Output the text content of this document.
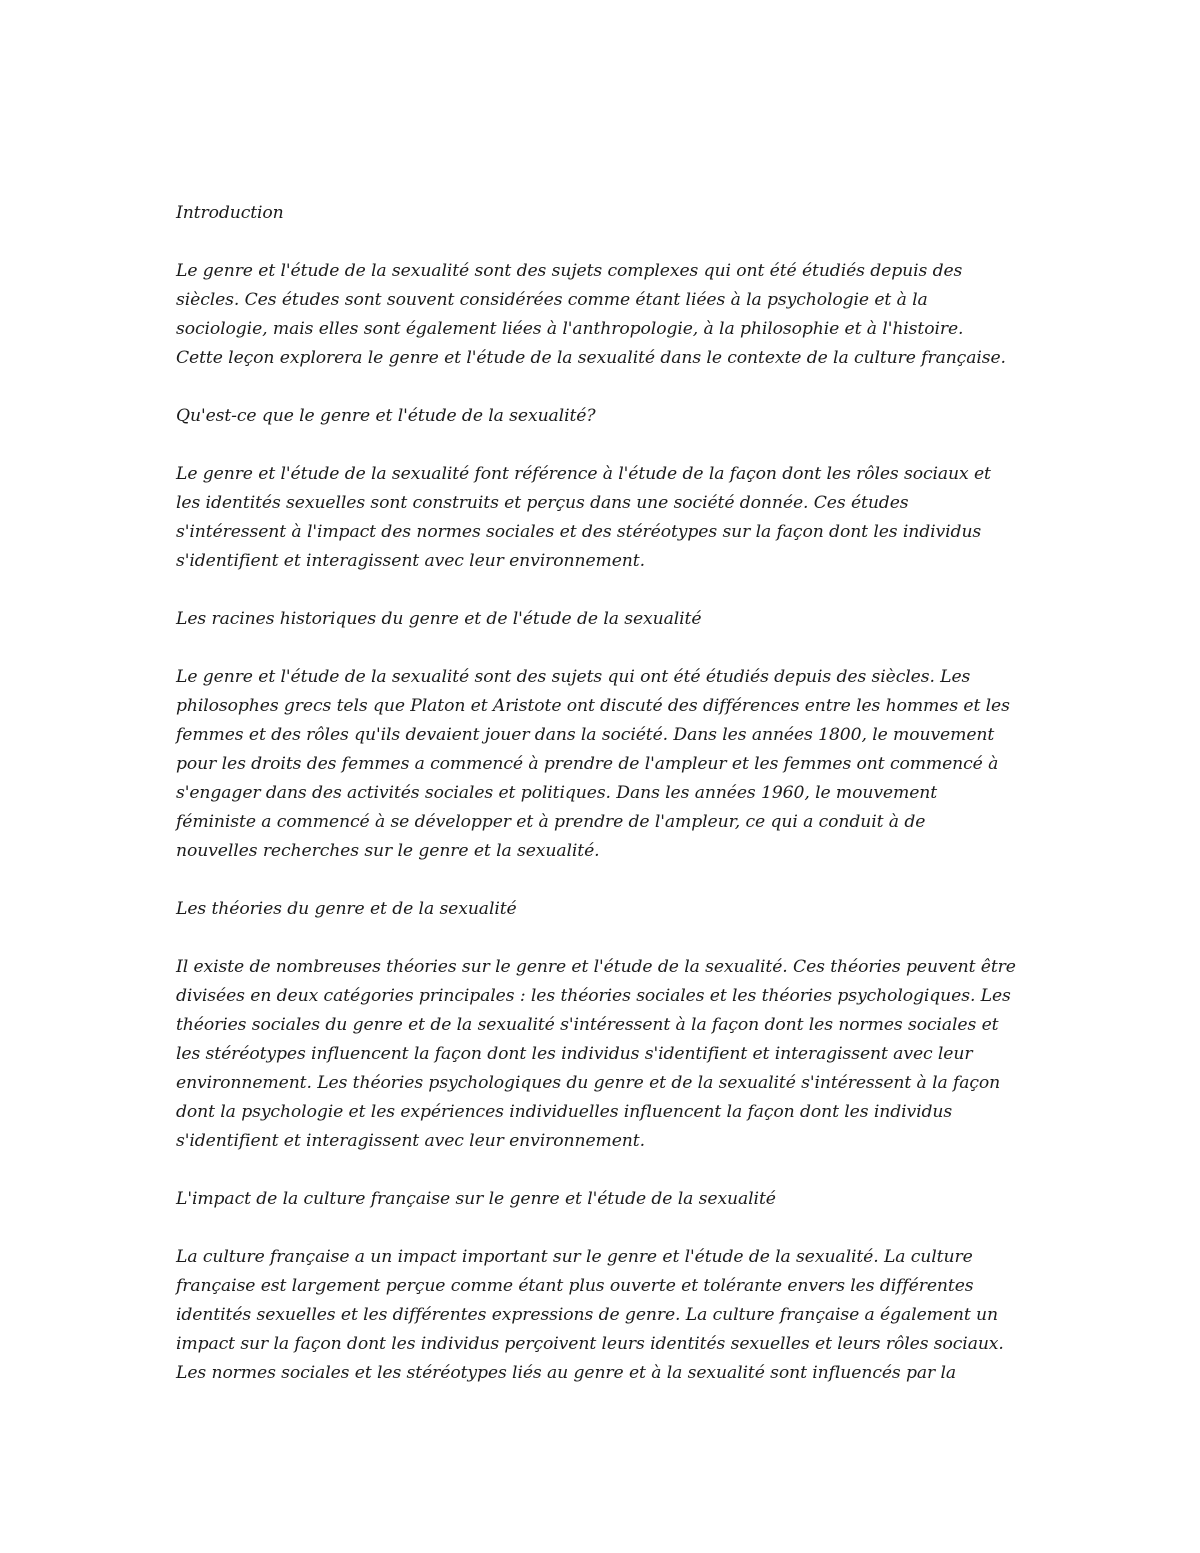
Introduction

Le genre et l'étude de la sexualité sont des sujets complexes qui ont été étudiés depuis des
siècles. Ces études sont souvent considérées comme étant liées à la psychologie et à la
sociologie, mais elles sont également liées à l'anthropologie, à la philosophie et à l'histoire.
Cette leçon explorera le genre et l'étude de la sexualité dans le contexte de la culture française.

Qu'est-ce que le genre et l'étude de la sexualité?

Le genre et l'étude de la sexualité font référence à l'étude de la façon dont les rôles sociaux et
les identités sexuelles sont construits et perçus dans une société donnée. Ces études
s'intéressent à l'impact des normes sociales et des stéréotypes sur la façon dont les individus
s'identifient et interagissent avec leur environnement.

Les racines historiques du genre et de l'étude de la sexualité

Le genre et l'étude de la sexualité sont des sujets qui ont été étudiés depuis des siècles. Les
philosophes grecs tels que Platon et Aristote ont discuté des différences entre les hommes et les
femmes et des rôles qu'ils devaient jouer dans la société. Dans les années 1800, le mouvement
pour les droits des femmes a commencé à prendre de l'ampleur et les femmes ont commencé à
s'engager dans des activités sociales et politiques. Dans les années 1960, le mouvement
féministe a commencé à se développer et à prendre de l'ampleur, ce qui a conduit à de
nouvelles recherches sur le genre et la sexualité.

Les théories du genre et de la sexualité

Il existe de nombreuses théories sur le genre et l'étude de la sexualité. Ces théories peuvent être
divisées en deux catégories principales : les théories sociales et les théories psychologiques. Les
théories sociales du genre et de la sexualité s'intéressent à la façon dont les normes sociales et
les stéréotypes influencent la façon dont les individus s'identifient et interagissent avec leur
environnement. Les théories psychologiques du genre et de la sexualité s'intéressent à la façon
dont la psychologie et les expériences individuelles influencent la façon dont les individus
s'identifient et interagissent avec leur environnement.

L'impact de la culture française sur le genre et l'étude de la sexualité

La culture française a un impact important sur le genre et l'étude de la sexualité. La culture
française est largement perçue comme étant plus ouverte et tolérante envers les différentes
identités sexuelles et les différentes expressions de genre. La culture française a également un
impact sur la façon dont les individus perçoivent leurs identités sexuelles et leurs rôles sociaux.
Les normes sociales et les stéréotypes liés au genre et à la sexualité sont influencés par la
